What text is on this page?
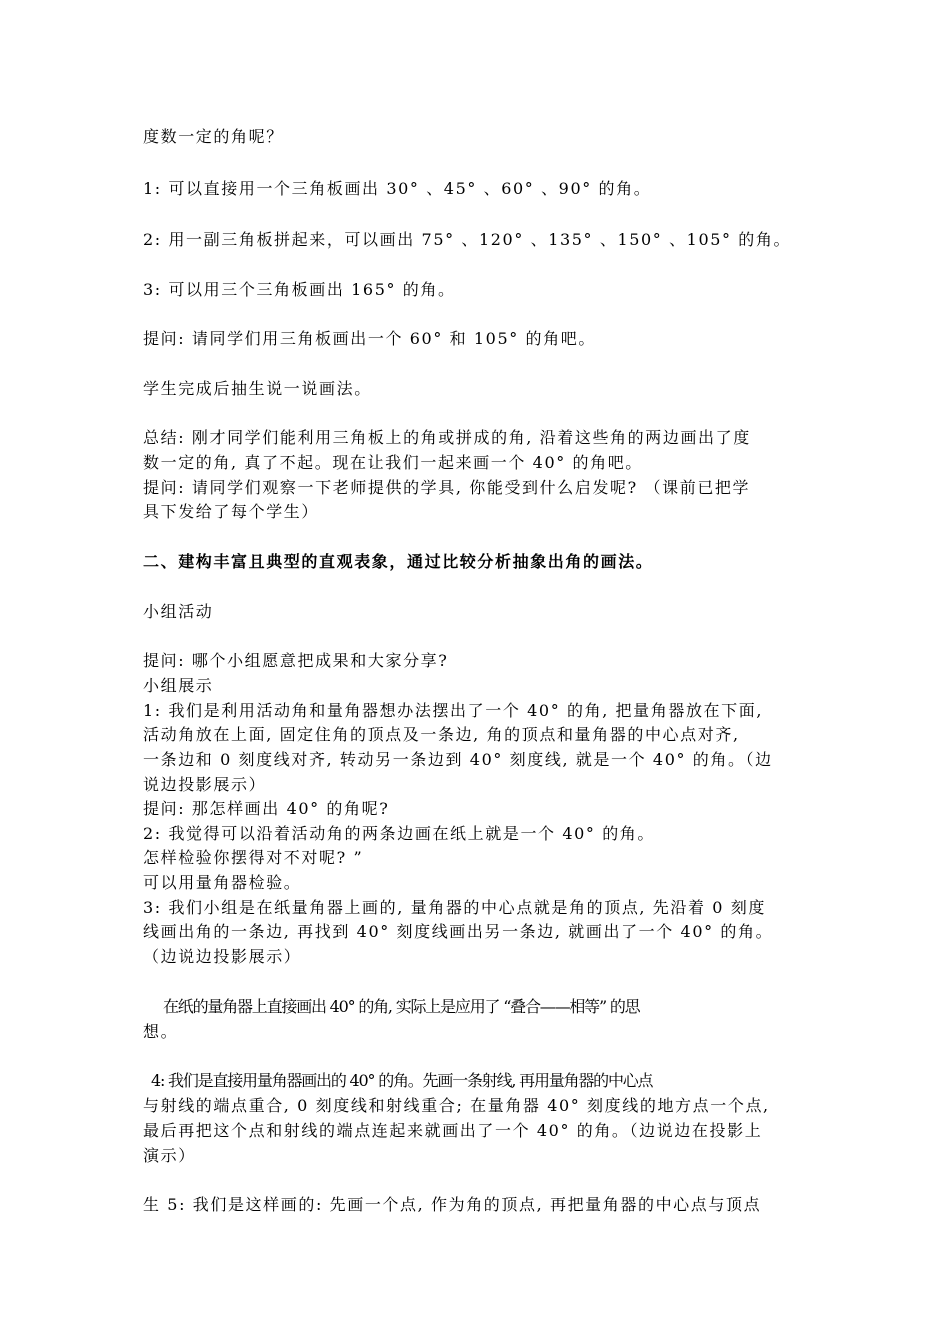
度数一定的角呢？
1: 可以直接用一个三角板画出 30° 、45° 、60° 、90° 的角。
2: 用一副三角板拼起来，可以画出 75° 、120° 、135° 、150° 、105° 的角。
3: 可以用三个三角板画出 165° 的角。
提问: 请同学们用三角板画出一个 60° 和 105° 的角吧。
学生完成后抽生说一说画法。
总结: 刚才同学们能利用三角板上的角或拼成的角, 沿着这些角的两边画出了度
数一定的角, 真了不起。现在让我们一起来画一个 40° 的角吧。
提问: 请同学们观察一下老师提供的学具, 你能受到什么启发呢? （课前已把学
具下发给了每个学生）
二、建构丰富且典型的直观表象，通过比较分析抽象出角的画法。
小组活动
提问: 哪个小组愿意把成果和大家分享?
小组展示
1: 我们是利用活动角和量角器想办法摆出了一个 40° 的角, 把量角器放在下面,
活动角放在上面, 固定住角的顶点及一条边, 角的顶点和量角器的中心点对齐,
一条边和 0 刻度线对齐, 转动另一条边到 40° 刻度线, 就是一个 40° 的角。（边
说边投影展示）
提问: 那怎样画出 40° 的角呢?
2: 我觉得可以沿着活动角的两条边画在纸上就是一个 40° 的角。
怎样检验你摆得对不对呢? ”
可以用量角器检验。
3: 我们小组是在纸量角器上画的, 量角器的中心点就是角的顶点, 先沿着 0 刻度
线画出角的一条边, 再找到 40° 刻度线画出另一条边, 就画出了一个 40° 的角。
（边说边投影展示）
在纸的量角器上直接画出 40° 的角, 实际上是应用了 “叠合——相等” 的思
想。
4: 我们是直接用量角器画出的 40° 的角。先画一条射线, 再用量角器的中心点
与射线的端点重合, 0 刻度线和射线重合; 在量角器 40° 刻度线的地方点一个点,
最后再把这个点和射线的端点连起来就画出了一个 40° 的角。（边说边在投影上
演示）
生 5: 我们是这样画的: 先画一个点, 作为角的顶点, 再把量角器的中心点与顶点
